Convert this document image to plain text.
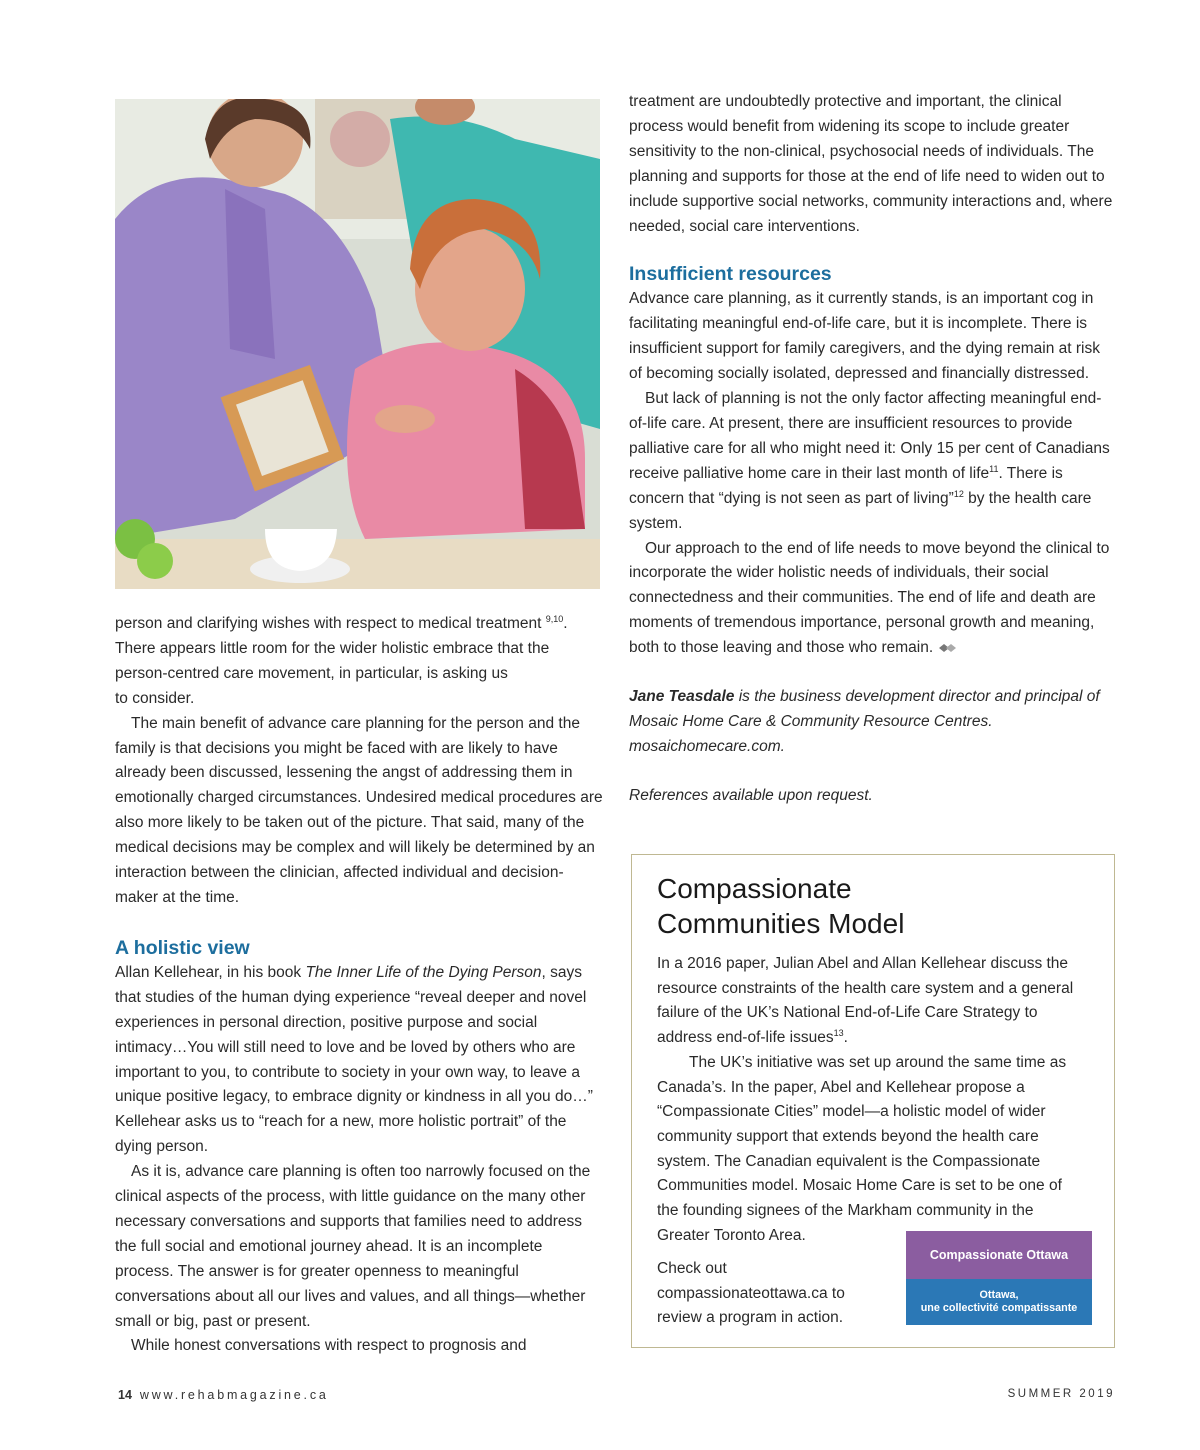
person and clarifying wishes with respect to medical treatment $^{9,10}$.
There appears little room for the wider holistic embrace that the
person-centred care movement, in particular, is asking us
to consider.

The main benefit of advance care planning for the person and the family is that decisions you might be faced with are likely to have already been discussed, lessening the angst of addressing them in emotionally charged circumstances. Undesired medical procedures are also more likely to be taken out of the picture. That said, many of the medical decisions may be complex and will likely be determined by an interaction between the clinician, affected individual and decision-maker at the time.

A holistic view

Allan Kellehear, in his book The Inner Life of the Dying Person, says that studies of the human dying experience “reveal deeper and novel experiences in personal direction, positive purpose and social intimacy…You will still need to love and be loved by others who are important to you, to contribute to society in your own way, to leave a unique positive legacy, to embrace dignity or kindness in all you do…” Kellehear asks us to “reach for a new, more holistic portrait” of the dying person.

As it is, advance care planning is often too narrowly focused on the clinical aspects of the process, with little guidance on the many other necessary conversations and supports that families need to address the full social and emotional journey ahead. It is an incomplete process. The answer is for greater openness to meaningful conversations about all our lives and values, and all things—whether small or big, past or present.

While honest conversations with respect to prognosis and

treatment are undoubtedly protective and important, the clinical process would benefit from widening its scope to include greater sensitivity to the non-clinical, psychosocial needs of individuals. The planning and supports for those at the end of life need to widen out to include supportive social networks, community interactions and, where needed, social care interventions.

Insufficient resources

Advance care planning, as it currently stands, is an important cog in facilitating meaningful end-of-life care, but it is incomplete. There is insufficient support for family caregivers, and the dying remain at risk of becoming socially isolated, depressed and financially distressed.

But lack of planning is not the only factor affecting meaningful end-of-life care. At present, there are insufficient resources to provide palliative care for all who might need it: Only 15 per cent of Canadians receive palliative home care in their last month of life$^{11}$. There is concern that “dying is not seen as part of living”$^{12}$ by the health care system.

Our approach to the end of life needs to move beyond the clinical to incorporate the wider holistic needs of individuals, their social connectedness and their communities. The end of life and death are moments of tremendous importance, personal growth and meaning, both to those leaving and those who remain.

Jane Teasdale is the business development director and principal of Mosaic Home Care & Community Resource Centres. mosaichomecare.com.

References available upon request.

Compassionate
Communities Model

In a 2016 paper, Julian Abel and Allan Kellehear discuss the resource constraints of the health care system and a general failure of the UK’s National End-of-Life Care Strategy to address end-of-life issues$^{13}$.

The UK’s initiative was set up around the same time as Canada’s. In the paper, Abel and Kellehear propose a “Compassionate Cities” model—a holistic model of wider community support that extends beyond the health care system. The Canadian equivalent is the Compassionate Communities model. Mosaic Home Care is set to be one of the founding signees of the Markham community in the Greater Toronto Area.

Check out

compassionateottawa.ca to

review a program in action.

Compassionate Ottawa
Ottawa,
une collectivité compatissante
14 www.rehabmagazine.ca	SUMMER 2019
